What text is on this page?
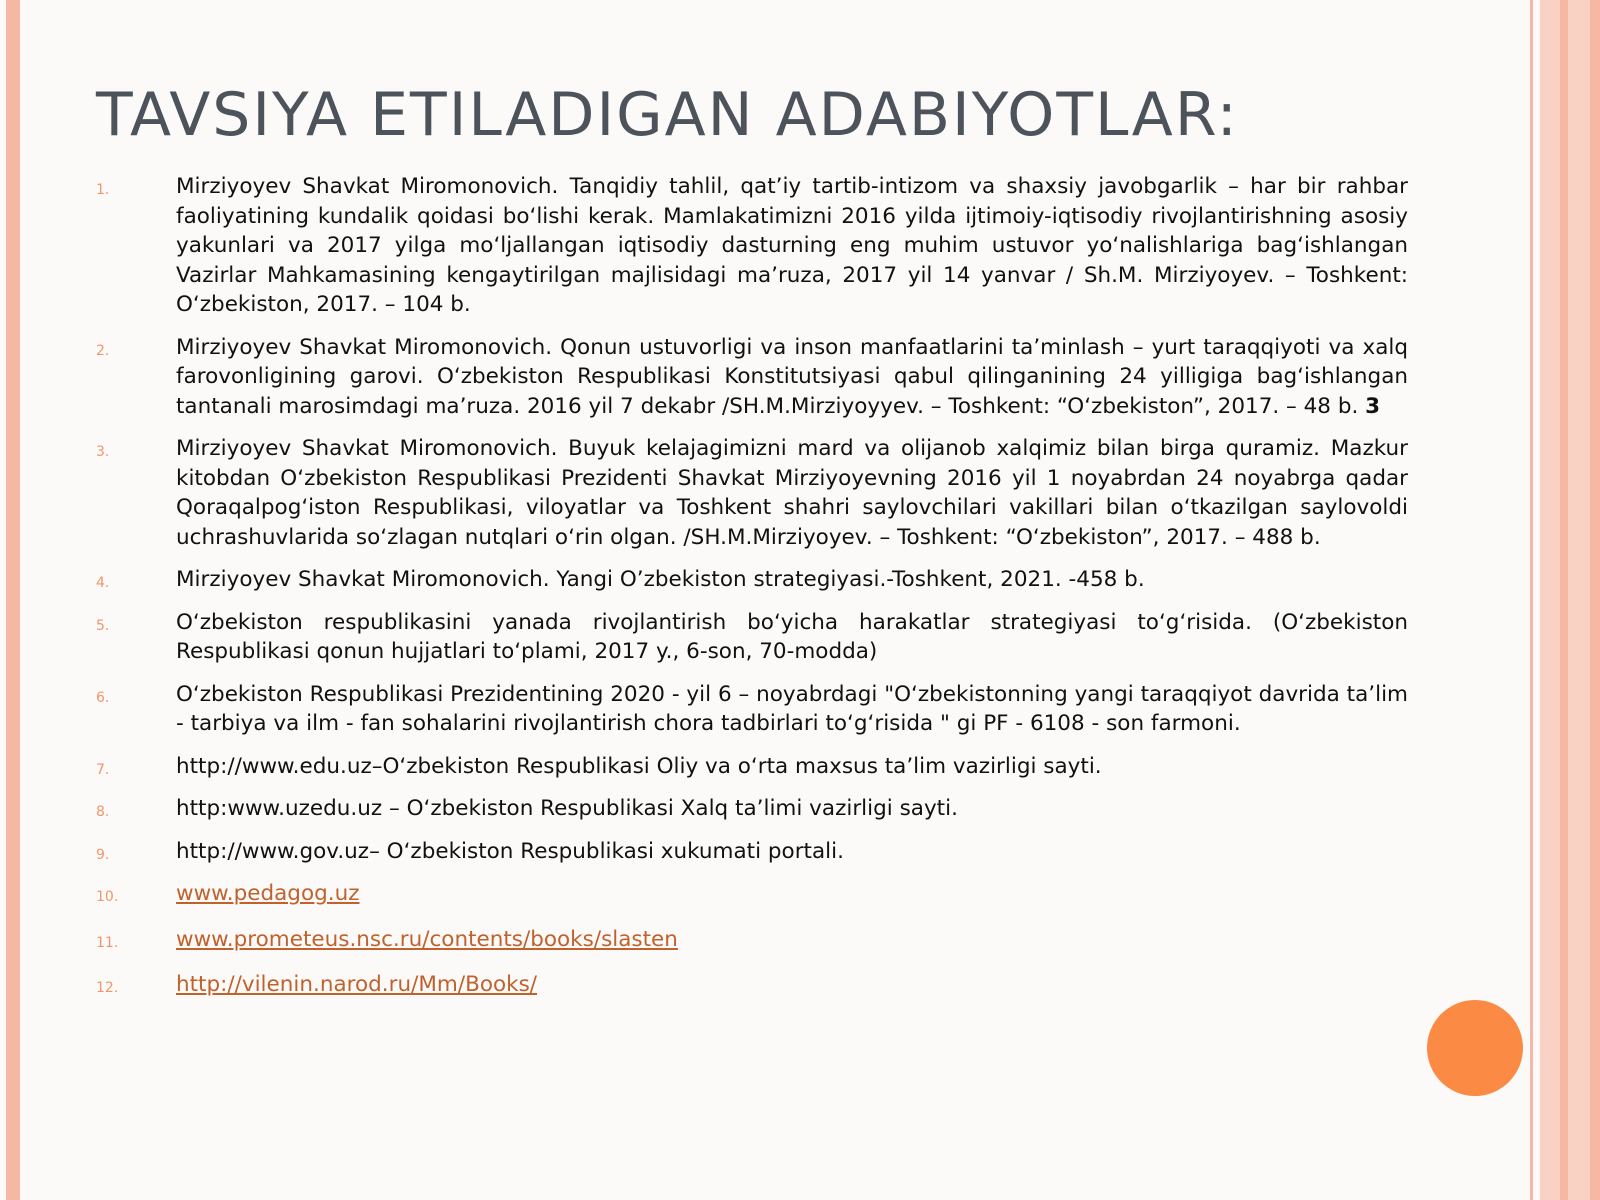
TAVSIYA ETILADIGAN ADABIYOTLAR:
1.	Mirziyoyev Shavkat Miromonovich. Tanqidiy tahlil, qat’iy tartib-intizom va shaxsiy javobgarlik – har bir rahbar faoliyatining kundalik qoidasi bo‘lishi kerak. Mamlakatimizni 2016 yilda ijtimoiy-iqtisodiy rivojlantirishning asosiy yakunlari va 2017 yilga mo‘ljallangan iqtisodiy dasturning eng muhim ustuvor yo‘nalishlariga bag‘ishlangan Vazirlar Mahkamasining kengaytirilgan majlisidagi ma’ruza, 2017 yil 14 yanvar / Sh.M. Mirziyoyev. – Toshkent: O‘zbekiston, 2017. – 104 b.
2.	Mirziyoyev Shavkat Miromonovich. Qonun ustuvorligi va inson manfaatlarini ta’minlash – yurt taraqqiyoti va xalq farovonligining garovi. O‘zbekiston Respublikasi Konstitutsiyasi qabul qilinganining 24 yilligiga bag‘ishlangan tantanali marosimdagi ma’ruza. 2016 yil 7 dekabr /SH.M.Mirziyoyyev. – Toshkent: “O‘zbekiston”, 2017. – 48 b. 3
3.	Mirziyoyev Shavkat Miromonovich. Buyuk kelajagimizni mard va olijanob xalqimiz bilan birga quramiz. Mazkur kitobdan O‘zbekiston Respublikasi Prezidenti Shavkat Mirziyoyevning 2016 yil 1 noyabrdan 24 noyabrga qadar Qoraqalpog‘iston Respublikasi, viloyatlar va Toshkent shahri saylovchilari vakillari bilan o‘tkazilgan saylovoldi uchrashuvlarida so‘zlagan nutqlari o‘rin olgan. /SH.M.Mirziyoyev. – Toshkent: “O‘zbekiston”, 2017. – 488 b.
4.	Mirziyoyev Shavkat Miromonovich. Yangi O’zbekiston strategiyasi.-Toshkent, 2021. -458 b.
5.	O‘zbekiston respublikasini yanada rivojlantirish bo‘yicha harakatlar strategiyasi to‘g‘risida. (O‘zbekiston Respublikasi qonun hujjatlari to‘plami, 2017 y., 6-son, 70-modda)
6.	O‘zbekiston Respublikasi Prezidentining 2020 - yil 6 – noyabrdagi "O‘zbekistonning yangi taraqqiyot davrida ta’lim - tarbiya va ilm - fan sohalarini rivojlantirish chora tadbirlari to‘g‘risida " gi PF - 6108 - son farmoni.
7.	http://www.edu.uz–O‘zbekiston Respublikasi Oliy va o‘rta maxsus ta’lim vazirligi sayti.
8.	http:www.uzedu.uz – O‘zbekiston Respublikasi Xalq ta’limi vazirligi sayti.
9.	http://www.gov.uz– O‘zbekiston Respublikasi xukumati portali.
10.	www.pedagog.uz
11.	www.prometeus.nsc.ru/contents/books/slasten
12.	http://vilenin.narod.ru/Mm/Books/
